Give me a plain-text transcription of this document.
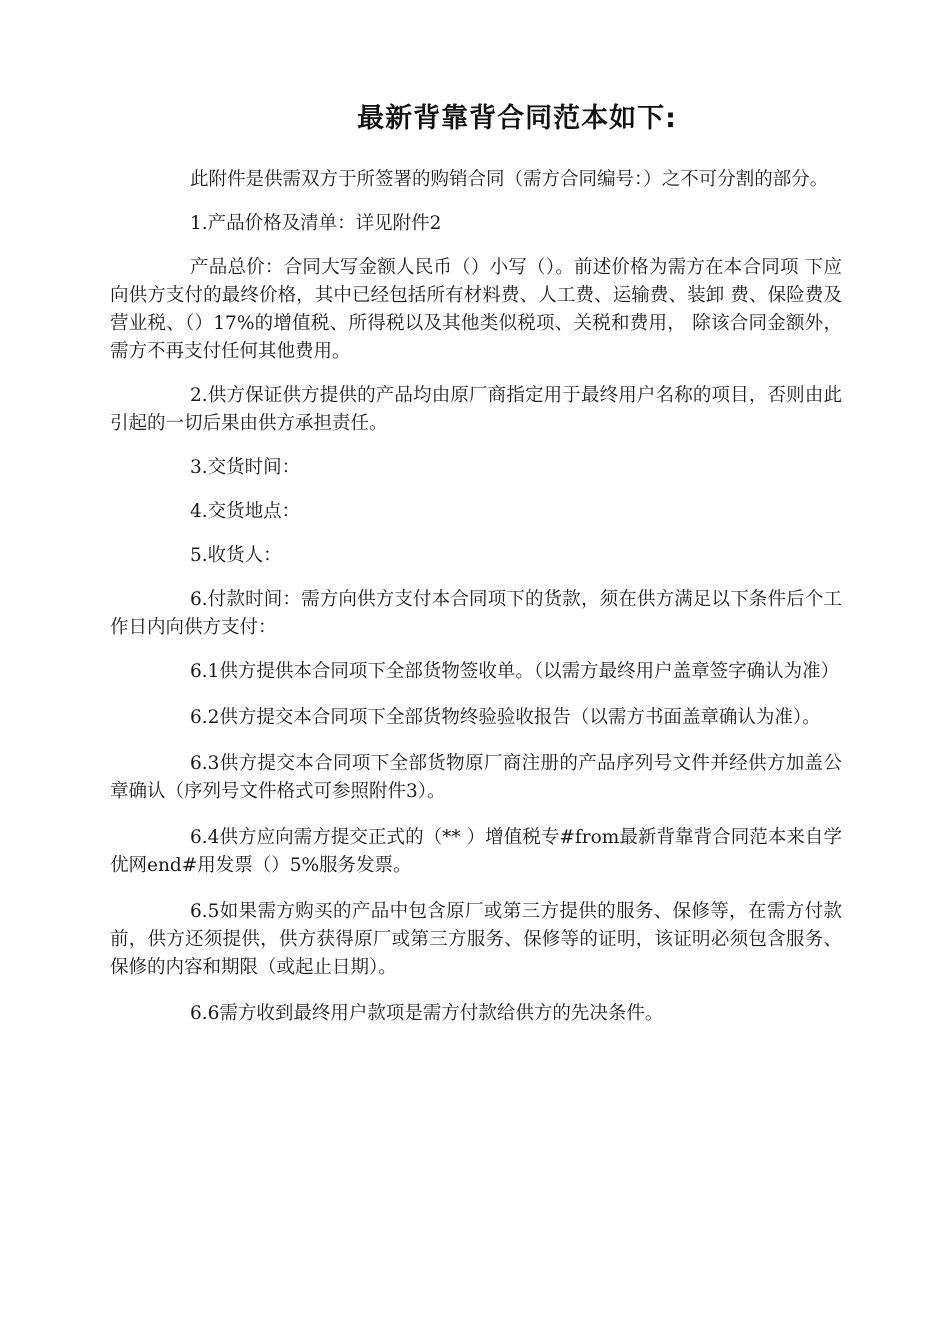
最新背靠背合同范本如下:

此附件是供需双方于所签署的购销合同（需方合同编号：）之不可分割的部分。

1.产品价格及清单：详见附件2

产品总价：合同大写金额人民币（）小写（）。前述价格为需方在本合同项 下应向供方支付的最终价格，其中已经包括所有材料费、人工费、运输费、装卸 费、保险费及营业税、（）17%的增值税、所得税以及其他类似税项、关税和费用， 除该合同金额外，需方不再支付任何其他费用。

2.供方保证供方提供的产品均由原厂商指定用于最终用户名称的项目，否则由此引起的一切后果由供方承担责任。

3.交货时间：

4.交货地点：

5.收货人：

6.付款时间：需方向供方支付本合同项下的货款，须在供方满足以下条件后个工作日内向供方支付：

6.1供方提供本合同项下全部货物签收单。（以需方最终用户盖章签字确认为准）

6.2供方提交本合同项下全部货物终验验收报告（以需方书面盖章确认为准）。

6.3供方提交本合同项下全部货物原厂商注册的产品序列号文件并经供方加盖公章确认（序列号文件格式可参照附件3）。

6.4供方应向需方提交正式的（** ）增值税专#from最新背靠背合同范本来自学优网end#用发票（）5%服务发票。

6.5如果需方购买的产品中包含原厂或第三方提供的服务、保修等，在需方付款前，供方还须提供，供方获得原厂或第三方服务、保修等的证明，该证明必须包含服务、保修的内容和期限（或起止日期）。

6.6需方收到最终用户款项是需方付款给供方的先决条件。
